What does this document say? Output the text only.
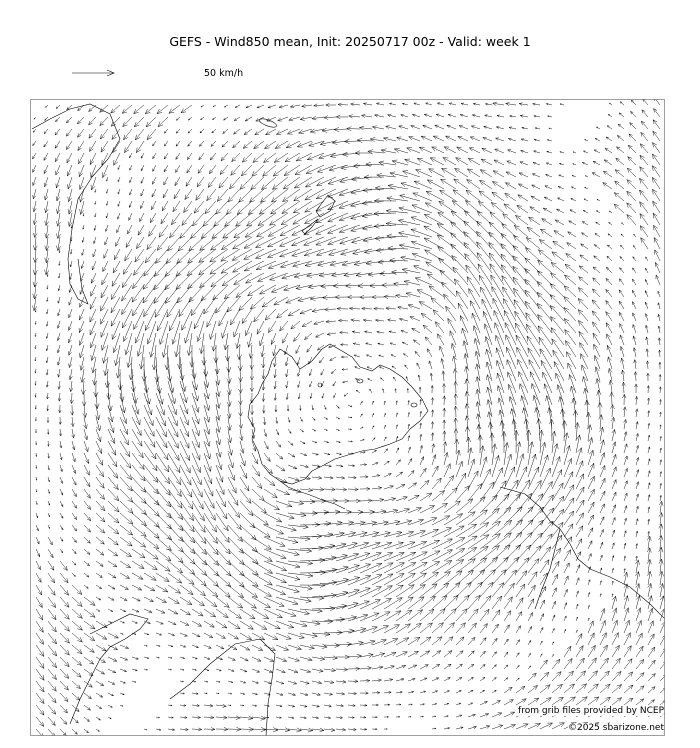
GEFS - Wind850 mean, Init: 20250717 00z - Valid: week 1
50 km/h
from grib files provided by NCEP
©2025 sbarizone.net
